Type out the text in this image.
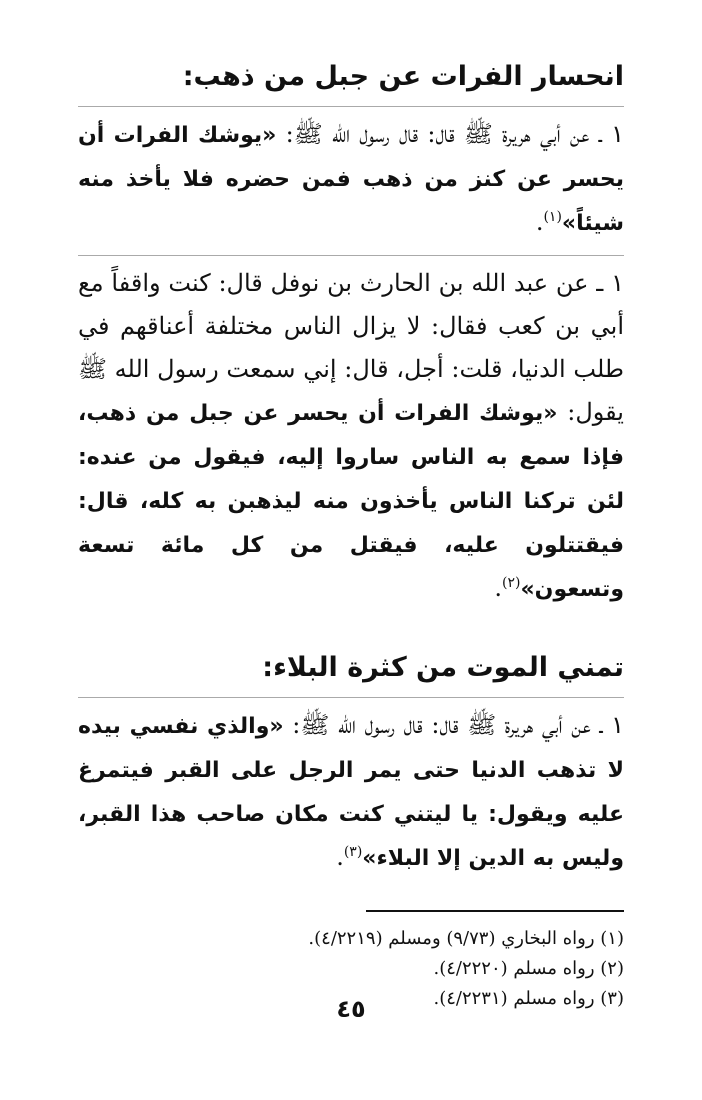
انحسار الفرات عن جبل من ذهب:

١ ـ عن أبي هريرة ﷺ قال: قال رسول الله ﷺ: «يوشك الفرات أن يحسر عن كنز من ذهب فمن حضره فلا يأخذ منه شيئاً»$^{(١)}$.

١ ـ عن عبد الله بن الحارث بن نوفل قال: كنت واقفاً مع أبي بن كعب فقال: لا يزال الناس مختلفة أعناقهم في طلب الدنيا، قلت: أجل، قال: إني سمعت رسول الله ﷺ يقول: «يوشك الفرات أن يحسر عن جبل من ذهب، فإذا سمع به الناس ساروا إليه، فيقول من عنده: لئن تركنا الناس يأخذون منه ليذهبن به كله، قال: فيقتتلون عليه، فيقتل من كل مائة تسعة وتسعون»$^{(٢)}$.

تمني الموت من كثرة البلاء:

١ ـ عن أبي هريرة ﷺ قال: قال رسول الله ﷺ: «والذي نفسي بيده لا تذهب الدنيا حتى يمر الرجل على القبر فيتمرغ عليه ويقول: يا ليتني كنت مكان صاحب هذا القبر، وليس به الدين إلا البلاء»$^{(٣)}$.

(١) رواه البخاري (٩/٧٣) ومسلم (٤/٢٢١٩).
(٢) رواه مسلم (٤/٢٢٢٠).
(٣) رواه مسلم (٤/٢٢٣١).
٤٥
